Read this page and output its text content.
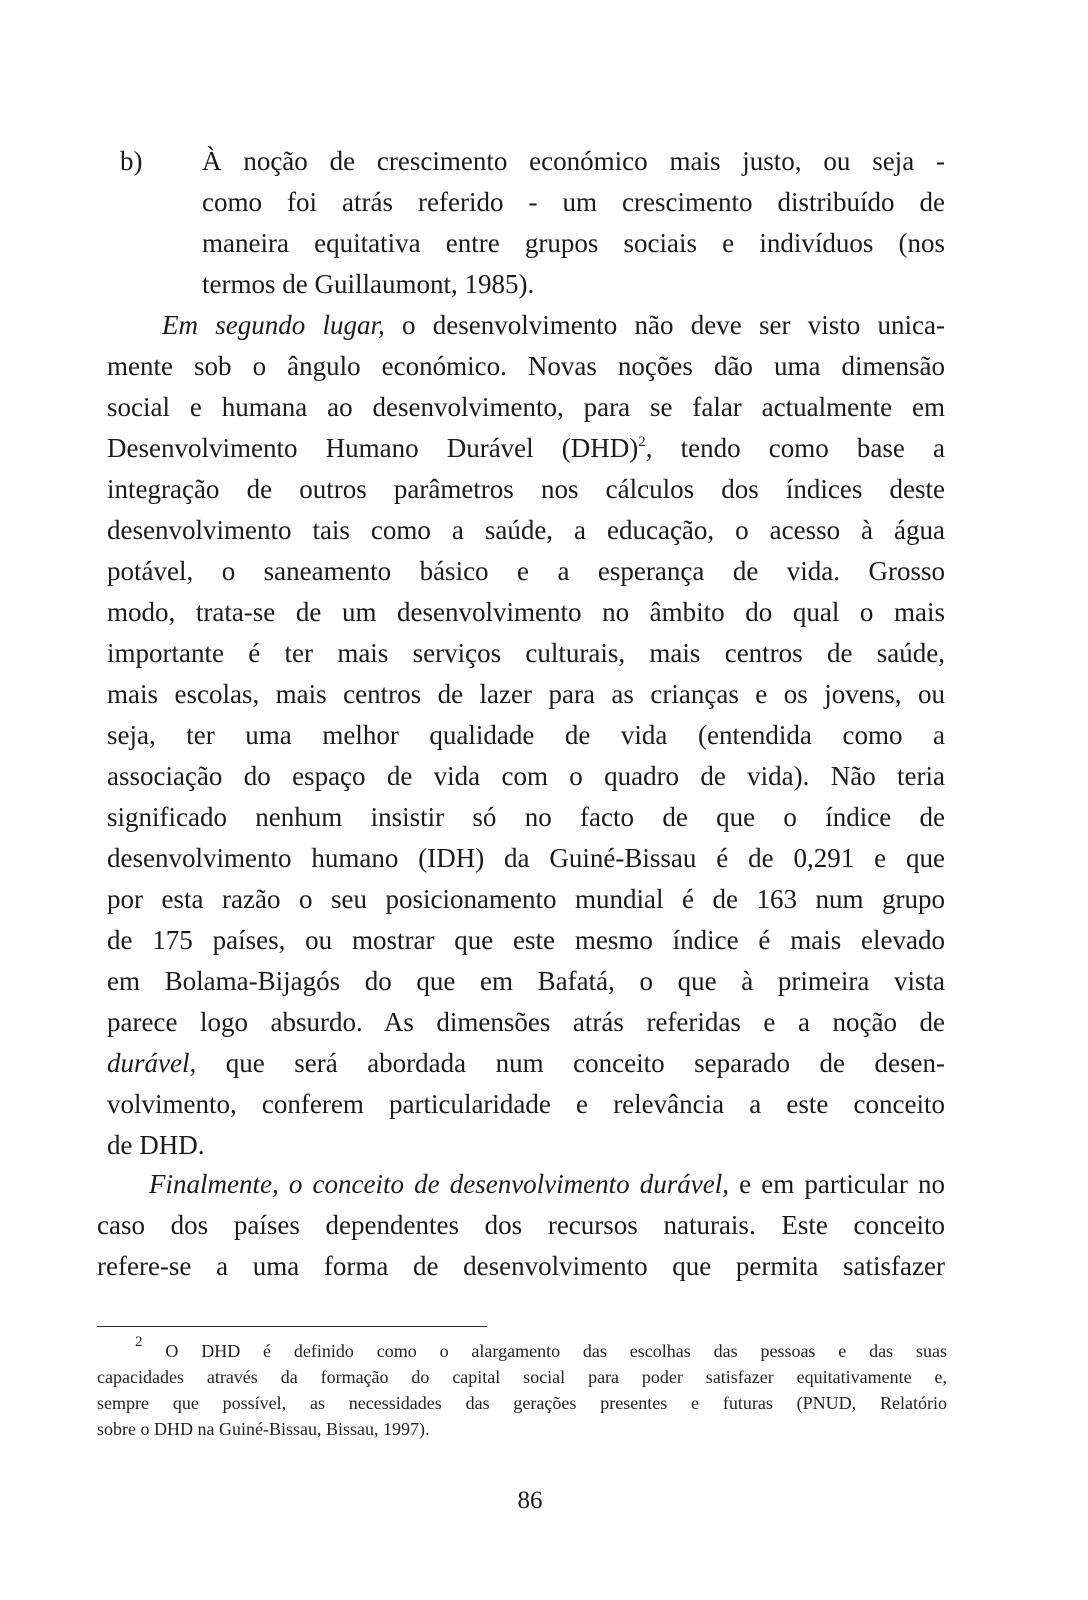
b) À noção de crescimento económico mais justo, ou seja -
como foi atrás referido - um crescimento distribuído de
maneira equitativa entre grupos sociais e indivíduos (nos
termos de Guillaumont, 1985).
Em segundo lugar, o desenvolvimento não deve ser visto unica-
mente sob o ângulo económico. Novas noções dão uma dimensão
social e humana ao desenvolvimento, para se falar actualmente em
Desenvolvimento Humano Durável (DHD)$^2$, tendo como base a
integração de outros parâmetros nos cálculos dos índices deste
desenvolvimento tais como a saúde, a educação, o acesso à água
potável, o saneamento básico e a esperança de vida. Grosso
modo, trata-se de um desenvolvimento no âmbito do qual o mais
importante é ter mais serviços culturais, mais centros de saúde,
mais escolas, mais centros de lazer para as crianças e os jovens, ou
seja, ter uma melhor qualidade de vida (entendida como a
associação do espaço de vida com o quadro de vida). Não teria
significado nenhum insistir só no facto de que o índice de
desenvolvimento humano (IDH) da Guiné-Bissau é de 0,291 e que
por esta razão o seu posicionamento mundial é de 163 num grupo
de 175 países, ou mostrar que este mesmo índice é mais elevado
em Bolama-Bijagós do que em Bafatá, o que à primeira vista
parece logo absurdo. As dimensões atrás referidas e a noção de
durável, que será abordada num conceito separado de desen-
volvimento, conferem particularidade e relevância a este conceito
de DHD.
Finalmente, o conceito de desenvolvimento durável, e em particular no
caso dos países dependentes dos recursos naturais. Este conceito
refere-se a uma forma de desenvolvimento que permita satisfazer
$^2$ O DHD é definido como o alargamento das escolhas das pessoas e das suas
capacidades através da formação do capital social para poder satisfazer equitativamente e,
sempre que possível, as necessidades das gerações presentes e futuras (PNUD, Relatório
sobre o DHD na Guiné-Bissau, Bissau, 1997).
86
